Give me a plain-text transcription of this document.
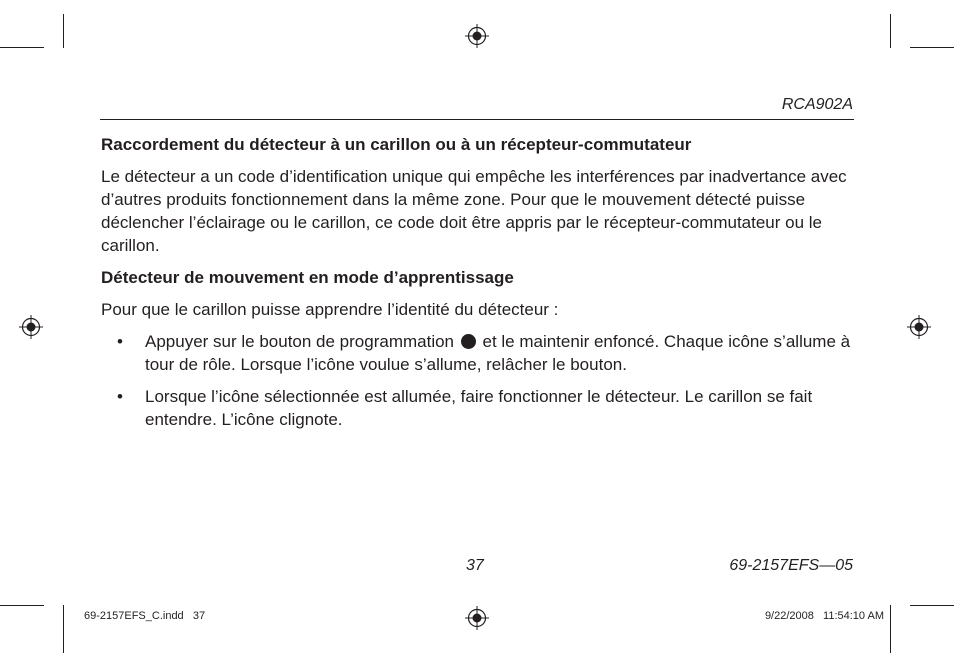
RCA902A
Raccordement du détecteur à un carillon ou à un récepteur-commutateur
Le détecteur a un code d’identification unique qui empêche les interférences par inadvertance avec d’autres produits fonctionnement dans la même zone. Pour que le mouvement détecté puisse déclencher l’éclairage ou le carillon, ce code doit être appris par le récepteur-commutateur ou le carillon.
Détecteur de mouvement en mode d’apprentissage
Pour que le carillon puisse apprendre l’identité du détecteur :
• Appuyer sur le bouton de programmation et le maintenir enfoncé. Chaque icône s’allume à tour de rôle. Lorsque l’icône voulue s’allume, relâcher le bouton.
• Lorsque l’icône sélectionnée est allumée, faire fonctionner le détecteur. Le carillon se fait entendre. L’icône clignote.
37	69-2157EFS—05
69-2157EFS_C.indd   37	9/22/2008   11:54:10 AM
